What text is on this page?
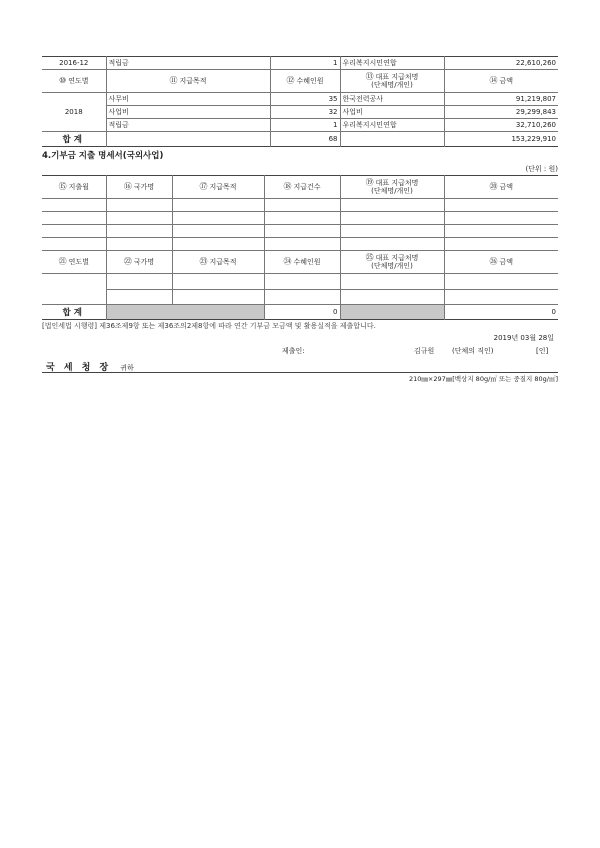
2016-12	적립금	1	우리복지시민연합	22,610,260
⑩ 연도별	⑪ 지급목적	⑫ 수혜인원	⑬ 대표 지급처명
(단체명/개인)	⑭ 금액
2018	사무비	35	한국전력공사	91,219,807
	사업비	32	사업비	29,299,843
	적립금	1	우리복지시민연합	32,710,260
합계		68		153,229,910
4.기부금 지출 명세서(국외사업)
(단위 : 원)
⑮ 지출월	⑯ 국가명	⑰ 지급목적	⑱ 지급건수	⑲ 대표 지급처명
(단체명/개인)	⑳ 금액

㉑ 연도별	㉒ 국가명	㉓ 지급목적	㉔ 수혜인원	㉕ 대표 지급처명
(단체명/개인)	㉖ 금액

합계			0		0
[법인세법 시행령] 제36조제9항 또는 제36조의2제8항에 따라 연간 기부금 모금액 및 활용실적을 제출합니다.
2019년 03월 28일
제출인:	김규원	(단체의 직인)	[인]
국 세 청 장 귀하
210㎜×297㎜[백상지 80g/㎡ 또는 중질지 80g/㎡]
